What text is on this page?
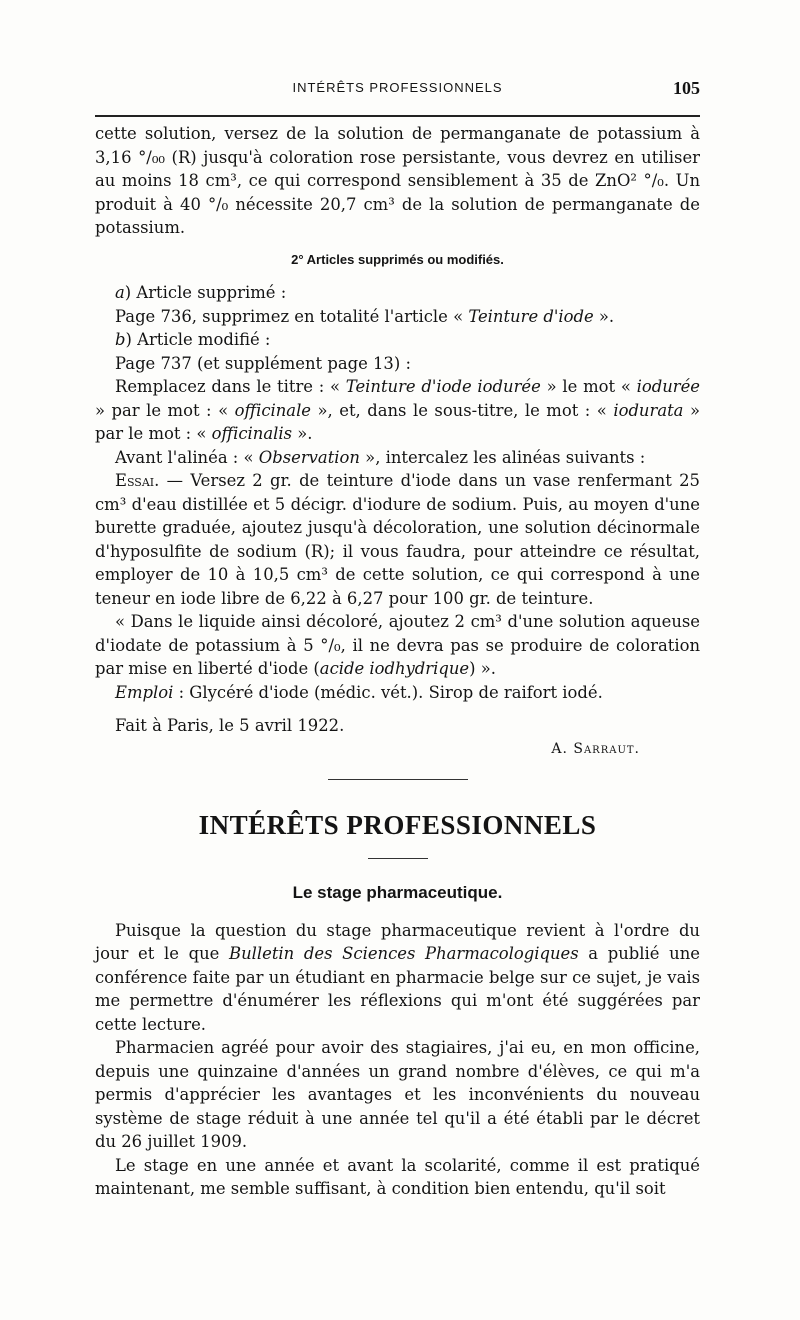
INTÉRÊTS PROFESSIONNELS	105

cette solution, versez de la solution de permanganate de potassium à 3,16 °/₀₀ (R) jusqu'à coloration rose persistante, vous devrez en utiliser au moins 18 cm³, ce qui correspond sensiblement à 35 de ZnO² °/₀. Un produit à 40 °/₀ nécessite 20,7 cm³ de la solution de permanganate de potassium.

2° Articles supprimés ou modifiés.

a) Article supprimé :

Page 736, supprimez en totalité l'article « Teinture d'iode ».

b) Article modifié :

Page 737 (et supplément page 13) :

Remplacez dans le titre : « Teinture d'iode iodurée » le mot « iodurée » par le mot : « officinale », et, dans le sous-titre, le mot : « iodurata » par le mot : « officinalis ».

Avant l'alinéa : « Observation », intercalez les alinéas suivants :

Essai. — Versez 2 gr. de teinture d'iode dans un vase renfermant 25 cm³ d'eau distillée et 5 décigr. d'iodure de sodium. Puis, au moyen d'une burette graduée, ajoutez jusqu'à décoloration, une solution décinormale d'hyposulfite de sodium (R); il vous faudra, pour atteindre ce résultat, employer de 10 à 10,5 cm³ de cette solution, ce qui correspond à une teneur en iode libre de 6,22 à 6,27 pour 100 gr. de teinture.

« Dans le liquide ainsi décoloré, ajoutez 2 cm³ d'une solution aqueuse d'iodate de potassium à 5 °/₀, il ne devra pas se produire de coloration par mise en liberté d'iode (acide iodhydrique) ».

Emploi : Glycéré d'iode (médic. vét.). Sirop de raifort iodé.

Fait à Paris, le 5 avril 1922.

A. Sarraut.

INTÉRÊTS PROFESSIONNELS

Le stage pharmaceutique.

Puisque la question du stage pharmaceutique revient à l'ordre du jour et le que Bulletin des Sciences Pharmacologiques a publié une conférence faite par un étudiant en pharmacie belge sur ce sujet, je vais me permettre d'énumérer les réflexions qui m'ont été suggérées par cette lecture.

Pharmacien agréé pour avoir des stagiaires, j'ai eu, en mon officine, depuis une quinzaine d'années un grand nombre d'élèves, ce qui m'a permis d'apprécier les avantages et les inconvénients du nouveau système de stage réduit à une année tel qu'il a été établi par le décret du 26 juillet 1909.

Le stage en une année et avant la scolarité, comme il est pratiqué maintenant, me semble suffisant, à condition bien entendu, qu'il soit
